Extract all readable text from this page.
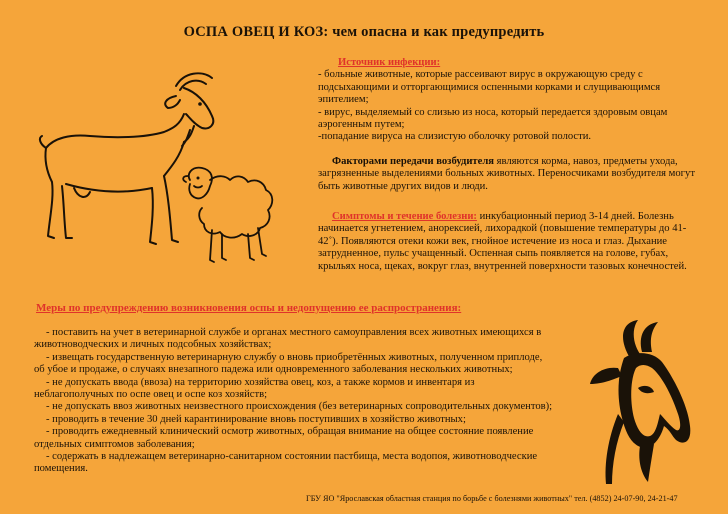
ОСПА ОВЕЦ И КОЗ: чем опасна и как предупредить
Источник инфекции:

- больные животные, которые рассеивают вирус в окружающую среду с подсыхающими и отторгающимися оспенными корками и слущивающимся эпителием;

- вирус, выделяемый со слизью из носа, который передается здоровым овцам аэрогенным путем;

-попадание вируса на слизистую оболочку ротовой полости.

Факторами передачи возбудителя являются корма, навоз, предметы ухода, загрязненные выделениями больных животных. Переносчиками возбудителя могут быть животные других видов и люди.
Симптомы и течение болезни: инкубационный период 3-14 дней. Болезнь начинается угнетением, анорексией, лихорадкой (повышение температуры до 41-42˚). Появляются отеки кожи век, гнойное истечение из носа и глаз. Дыхание затрудненное, пульс учащенный. Оспенная сыпь появляется на голове, губах, крыльях носа, щеках, вокруг глаз, внутренней поверхности тазовых конечностей.
Меры по предупреждению возникновения оспы и недопущению ее распространения:

- поставить на учет в ветеринарной службе и органах местного самоуправления всех животных имеющихся в животноводческих и личных подсобных хозяйствах;

- извещать государственную ветеринарную службу о вновь приобретённых животных, полученном приплоде, об убое и продаже, о случаях внезапного падежа или одновременного заболевания нескольких животных;

- не допускать ввода (ввоза) на территорию хозяйства овец, коз, а также кормов и инвентаря из неблагополучных по оспе овец и оспе коз хозяйств;

- не допускать ввоз животных неизвестного происхождения (без ветеринарных сопроводительных документов);

- проводить в течение 30 дней карантинирование вновь поступивших в хозяйство животных;

- проводить ежедневный клинический осмотр животных, обращая внимание на общее состояние появление отдельных симптомов заболевания;

- содержать в надлежащем ветеринарно-санитарном состоянии пастбища, места водопоя, животноводческие помещения.

ГБУ ЯО "Ярославская областная станция по борьбе с болезнями животных" тел. (4852) 24-07-90, 24-21-47
